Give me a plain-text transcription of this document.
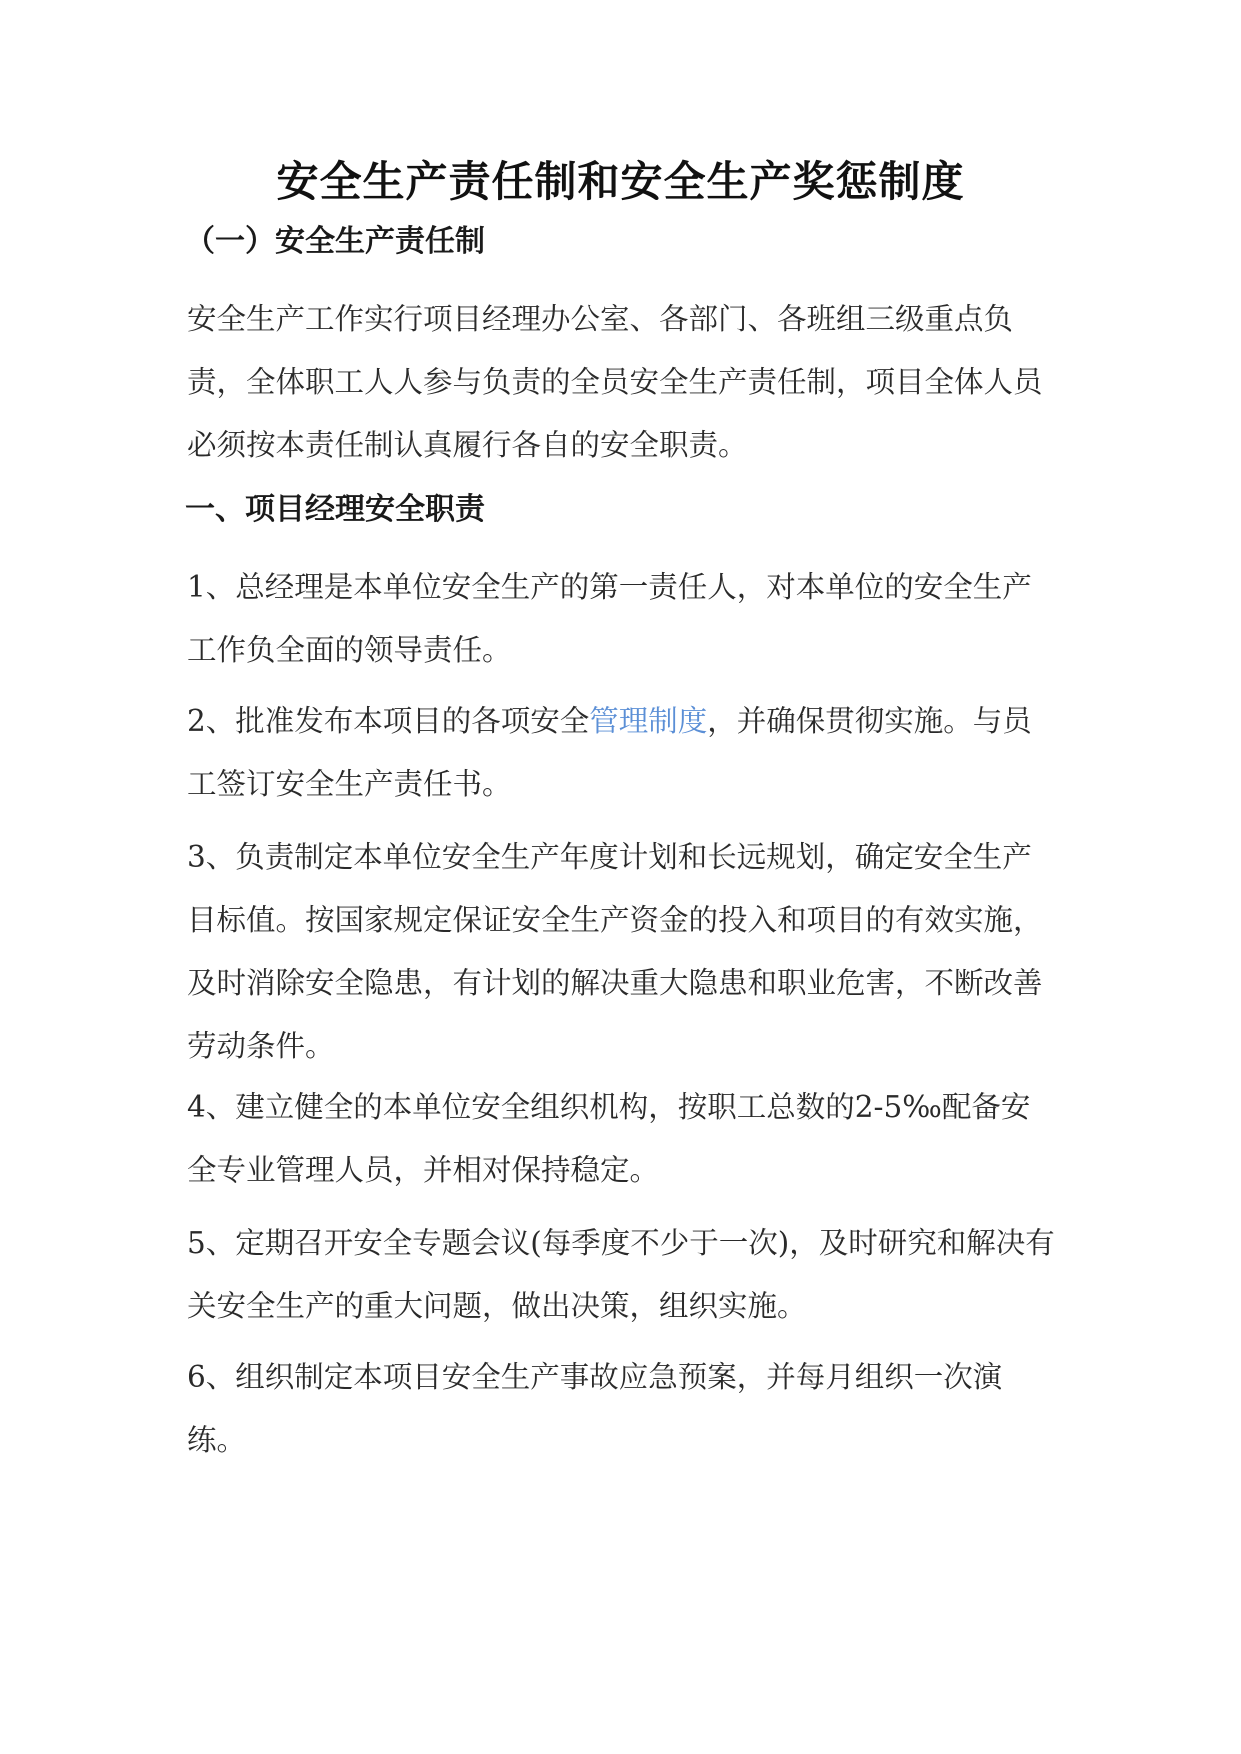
安全生产责任制和安全生产奖惩制度
（一）安全生产责任制

安全生产工作实行项目经理办公室、各部门、各班组三级重点负责，全体职工人人参与负责的全员安全生产责任制，项目全体人员必须按本责任制认真履行各自的安全职责。

一、项目经理安全职责

1、总经理是本单位安全生产的第一责任人，对本单位的安全生产工作负全面的领导责任。

2、批准发布本项目的各项安全管理制度，并确保贯彻实施。与员工签订安全生产责任书。

3、负责制定本单位安全生产年度计划和长远规划，确定安全生产目标值。按国家规定保证安全生产资金的投入和项目的有效实施，及时消除安全隐患，有计划的解决重大隐患和职业危害，不断改善劳动条件。

4、建立健全的本单位安全组织机构，按职工总数的2-5‰配备安全专业管理人员，并相对保持稳定。

5、定期召开安全专题会议(每季度不少于一次)，及时研究和解决有关安全生产的重大问题，做出决策，组织实施。

6、组织制定本项目安全生产事故应急预案，并每月组织一次演练。
